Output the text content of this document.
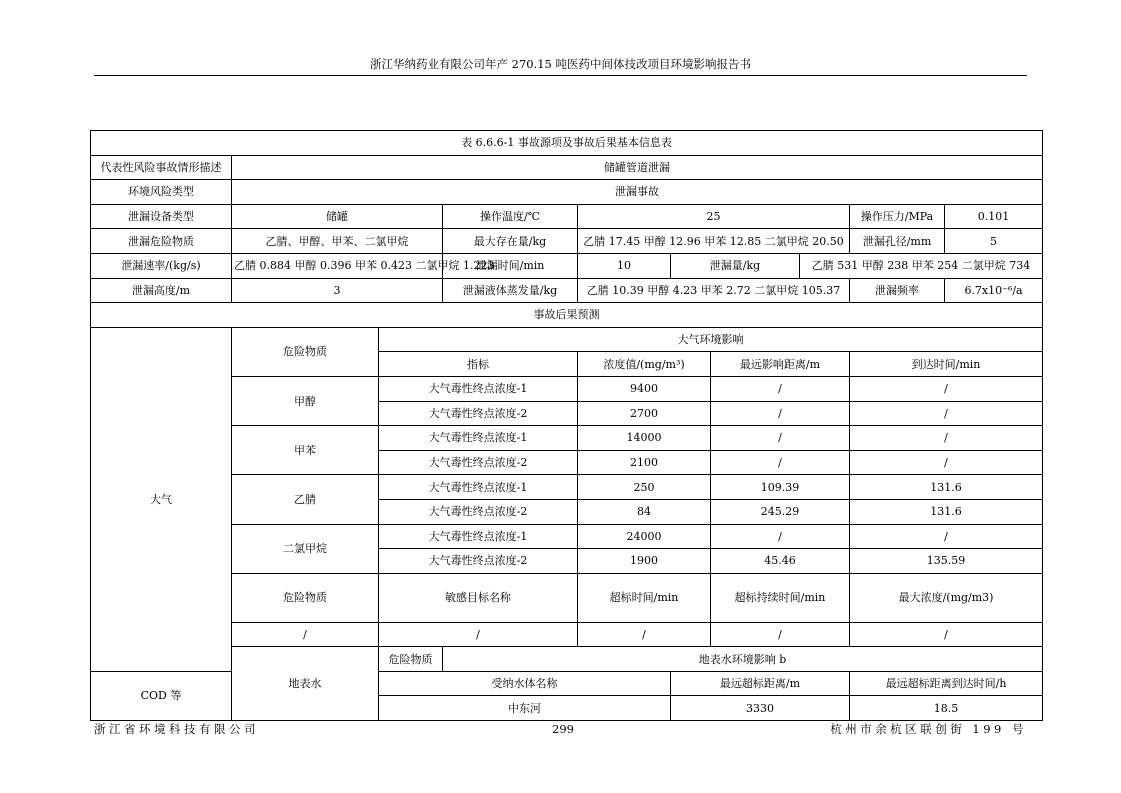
浙江华纳药业有限公司年产 270.15 吨医药中间体技改项目环境影响报告书
表 6.6.6-1 事故源项及事故后果基本信息表									
代表性风险事故情形描述	储罐管道泄漏								
环境风险类型	泄漏事故								
泄漏设备类型	储罐		操作温度/℃	25				操作压力/MPa	0.101
泄漏危险物质	乙腈、甲醇、甲苯、二氯甲烷		最大存在量/kg	乙腈 17.45 甲醇 12.96 甲苯 12.85 二氯甲烷 20.50				泄漏孔径/mm	5
泄漏速率/(kg/s)	乙腈 0.884 甲醇 0.396 甲苯 0.423 二氯甲烷 1.223		泄漏时间/min	10	泄漏量/kg		乙腈 531 甲醇 238 甲苯 254 二氯甲烷 734		
泄漏高度/m	3		泄漏液体蒸发量/kg	乙腈 10.39 甲醇 4.23 甲苯 2.72 二氯甲烷 105.37				泄漏频率	6.7x10⁻⁶/a
事故后果预测									
大气	危险物质	大气环境影响							
		指标		浓度值/(mg/m³)		最远影响距离/m		到达时间/min	
	甲醇	大气毒性终点浓度-1		9400		/		/	
		大气毒性终点浓度-2		2700		/		/	
	甲苯	大气毒性终点浓度-1		14000		/		/	
		大气毒性终点浓度-2		2100		/		/	
	乙腈	大气毒性终点浓度-1		250		109.39		131.6	
		大气毒性终点浓度-2		84		245.29		131.6	
	二氯甲烷	大气毒性终点浓度-1		24000		/		/	
		大气毒性终点浓度-2		1900		45.46		135.59	
	危险物质	敏感目标名称		超标时间/min		超标持续时间/min		最大浓度/(mg/m3)	
	/	/		/		/		/	
	地表水	危险物质	地表水环境影响 b						
COD 等		受纳水体名称			最远超标距离/m			最远超标距离到达时间/h	
		中东河			3330			18.5	
浙江省环境科技有限公司	299	杭州市余杭区联创街 199 号
